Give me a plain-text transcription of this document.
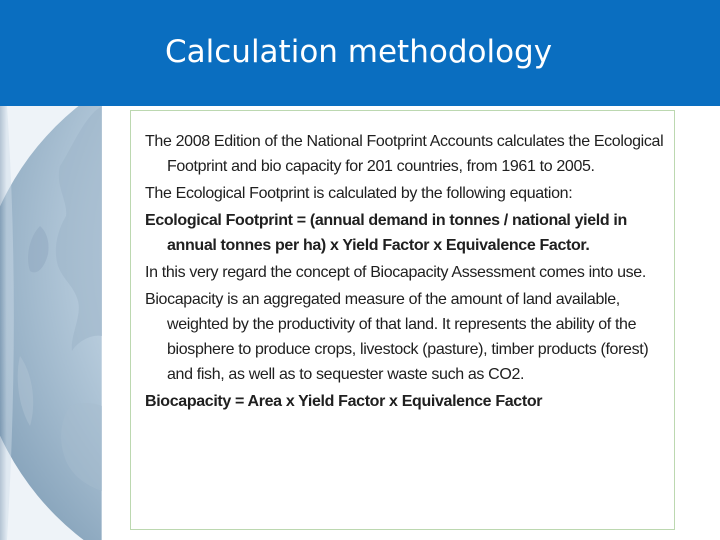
Calculation methodology

The 2008 Edition of the National Footprint Accounts calculates the Ecological Footprint and bio capacity for 201 countries, from 1961 to 2005.

The Ecological Footprint is calculated by the following equation:

Ecological Footprint = (annual demand in tonnes / national yield in annual tonnes per ha) x Yield Factor x Equivalence Factor.

In this very regard the concept of Biocapacity Assessment comes into use.

Biocapacity is an aggregated measure of the amount of land available, weighted by the productivity of that land. It represents the ability of the biosphere to produce crops, livestock (pasture), timber products (forest) and fish, as well as to sequester waste such as CO2.

Biocapacity = Area x Yield Factor x Equivalence Factor
